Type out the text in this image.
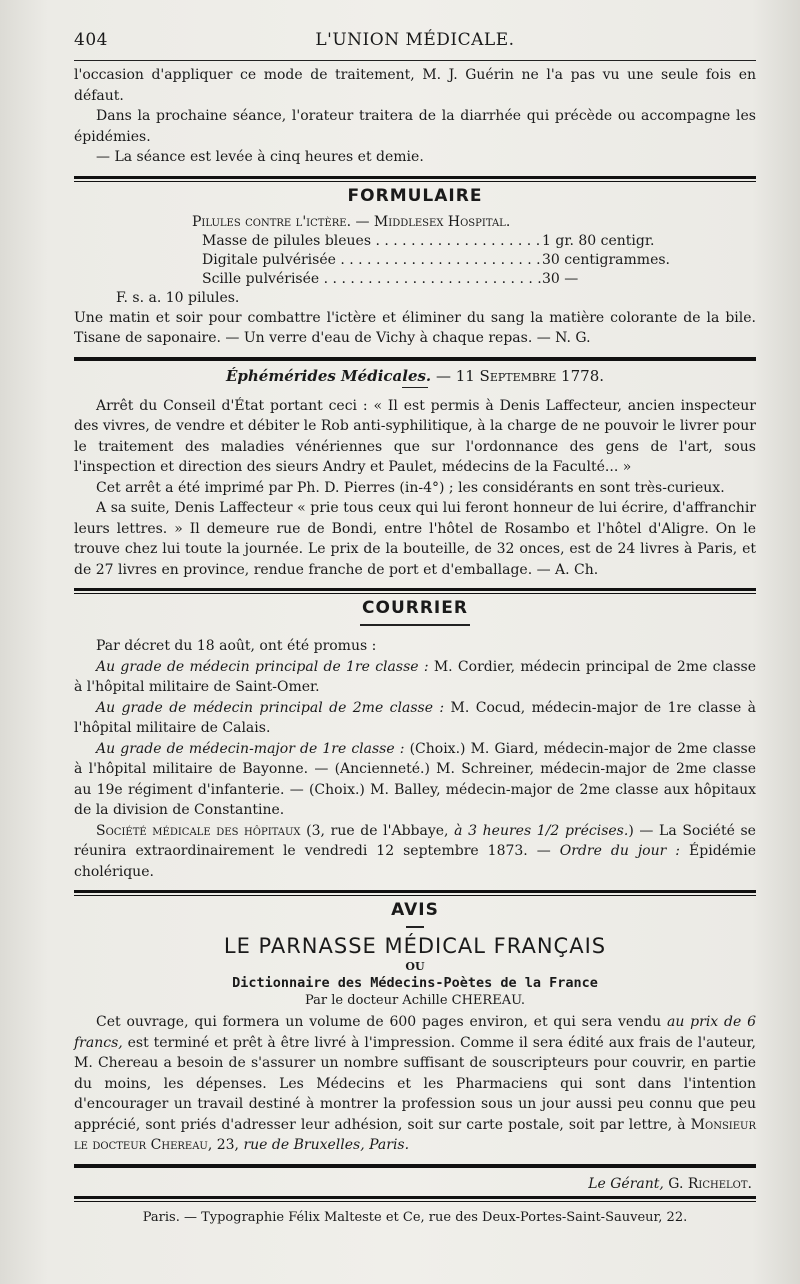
404	L'UNION MÉDICALE.

l'occasion d'appliquer ce mode de traitement, M. J. Guérin ne l'a pas vu une seule fois en défaut.

Dans la prochaine séance, l'orateur traitera de la diarrhée qui précède ou accompagne les épidémies.

— La séance est levée à cinq heures et demie.

FORMULAIRE
Pilules contre l'ictère. — Middlesex Hospital.
Masse de pilules bleues . . .	1 gr. 80 centigr.
Digitale pulvérisée . . .	30 centigrammes.
Scille pulvérisée . . .	30 —
F. s. a. 10 pilules.

Une matin et soir pour combattre l'ictère et éliminer du sang la matière colorante de la bile. Tisane de saponaire. — Un verre d'eau de Vichy à chaque repas. — N. G.

Éphémérides Médicales. — 11 Septembre 1778.

Arrêt du Conseil d'État portant ceci : « Il est permis à Denis Laffecteur, ancien inspecteur des vivres, de vendre et débiter le Rob anti-syphilitique, à la charge de ne pouvoir le livrer pour le traitement des maladies vénériennes que sur l'ordonnance des gens de l'art, sous l'inspection et direction des sieurs Andry et Paulet, médecins de la Faculté... »

Cet arrêt a été imprimé par Ph. D. Pierres (in-4°) ; les considérants en sont très-curieux.

A sa suite, Denis Laffecteur « prie tous ceux qui lui feront honneur de lui écrire, d'affranchir leurs lettres. » Il demeure rue de Bondi, entre l'hôtel de Rosambo et l'hôtel d'Aligre. On le trouve chez lui toute la journée. Le prix de la bouteille, de 32 onces, est de 24 livres à Paris, et de 27 livres en province, rendue franche de port et d'emballage. — A. Ch.

COURRIER

Par décret du 18 août, ont été promus :

Au grade de médecin principal de 1re classe : M. Cordier, médecin principal de 2me classe à l'hôpital militaire de Saint-Omer.

Au grade de médecin principal de 2me classe : M. Cocud, médecin-major de 1re classe à l'hôpital militaire de Calais.

Au grade de médecin-major de 1re classe : (Choix.) M. Giard, médecin-major de 2me classe à l'hôpital militaire de Bayonne. — (Ancienneté.) M. Schreiner, médecin-major de 2me classe au 19e régiment d'infanterie. — (Choix.) M. Balley, médecin-major de 2me classe aux hôpitaux de la division de Constantine.

Société médicale des hôpitaux (3, rue de l'Abbaye, à 3 heures 1/2 précises.) — La Société se réunira extraordinairement le vendredi 12 septembre 1873. — Ordre du jour : Épidémie cholérique.

AVIS
LE PARNASSE MÉDICAL FRANÇAIS
OU
Dictionnaire des Médecins-Poètes de la France
Par le docteur Achille CHEREAU.

Cet ouvrage, qui formera un volume de 600 pages environ, et qui sera vendu au prix de 6 francs, est terminé et prêt à être livré à l'impression. Comme il sera édité aux frais de l'auteur, M. Chereau a besoin de s'assurer un nombre suffisant de souscripteurs pour couvrir, en partie du moins, les dépenses. Les Médecins et les Pharmaciens qui sont dans l'intention d'encourager un travail destiné à montrer la profession sous un jour aussi peu connu que peu apprécié, sont priés d'adresser leur adhésion, soit sur carte postale, soit par lettre, à Monsieur le docteur Chereau, 23, rue de Bruxelles, Paris.

Le Gérant, G. Richelot.
Paris. — Typographie Félix Malteste et Ce, rue des Deux-Portes-Saint-Sauveur, 22.
